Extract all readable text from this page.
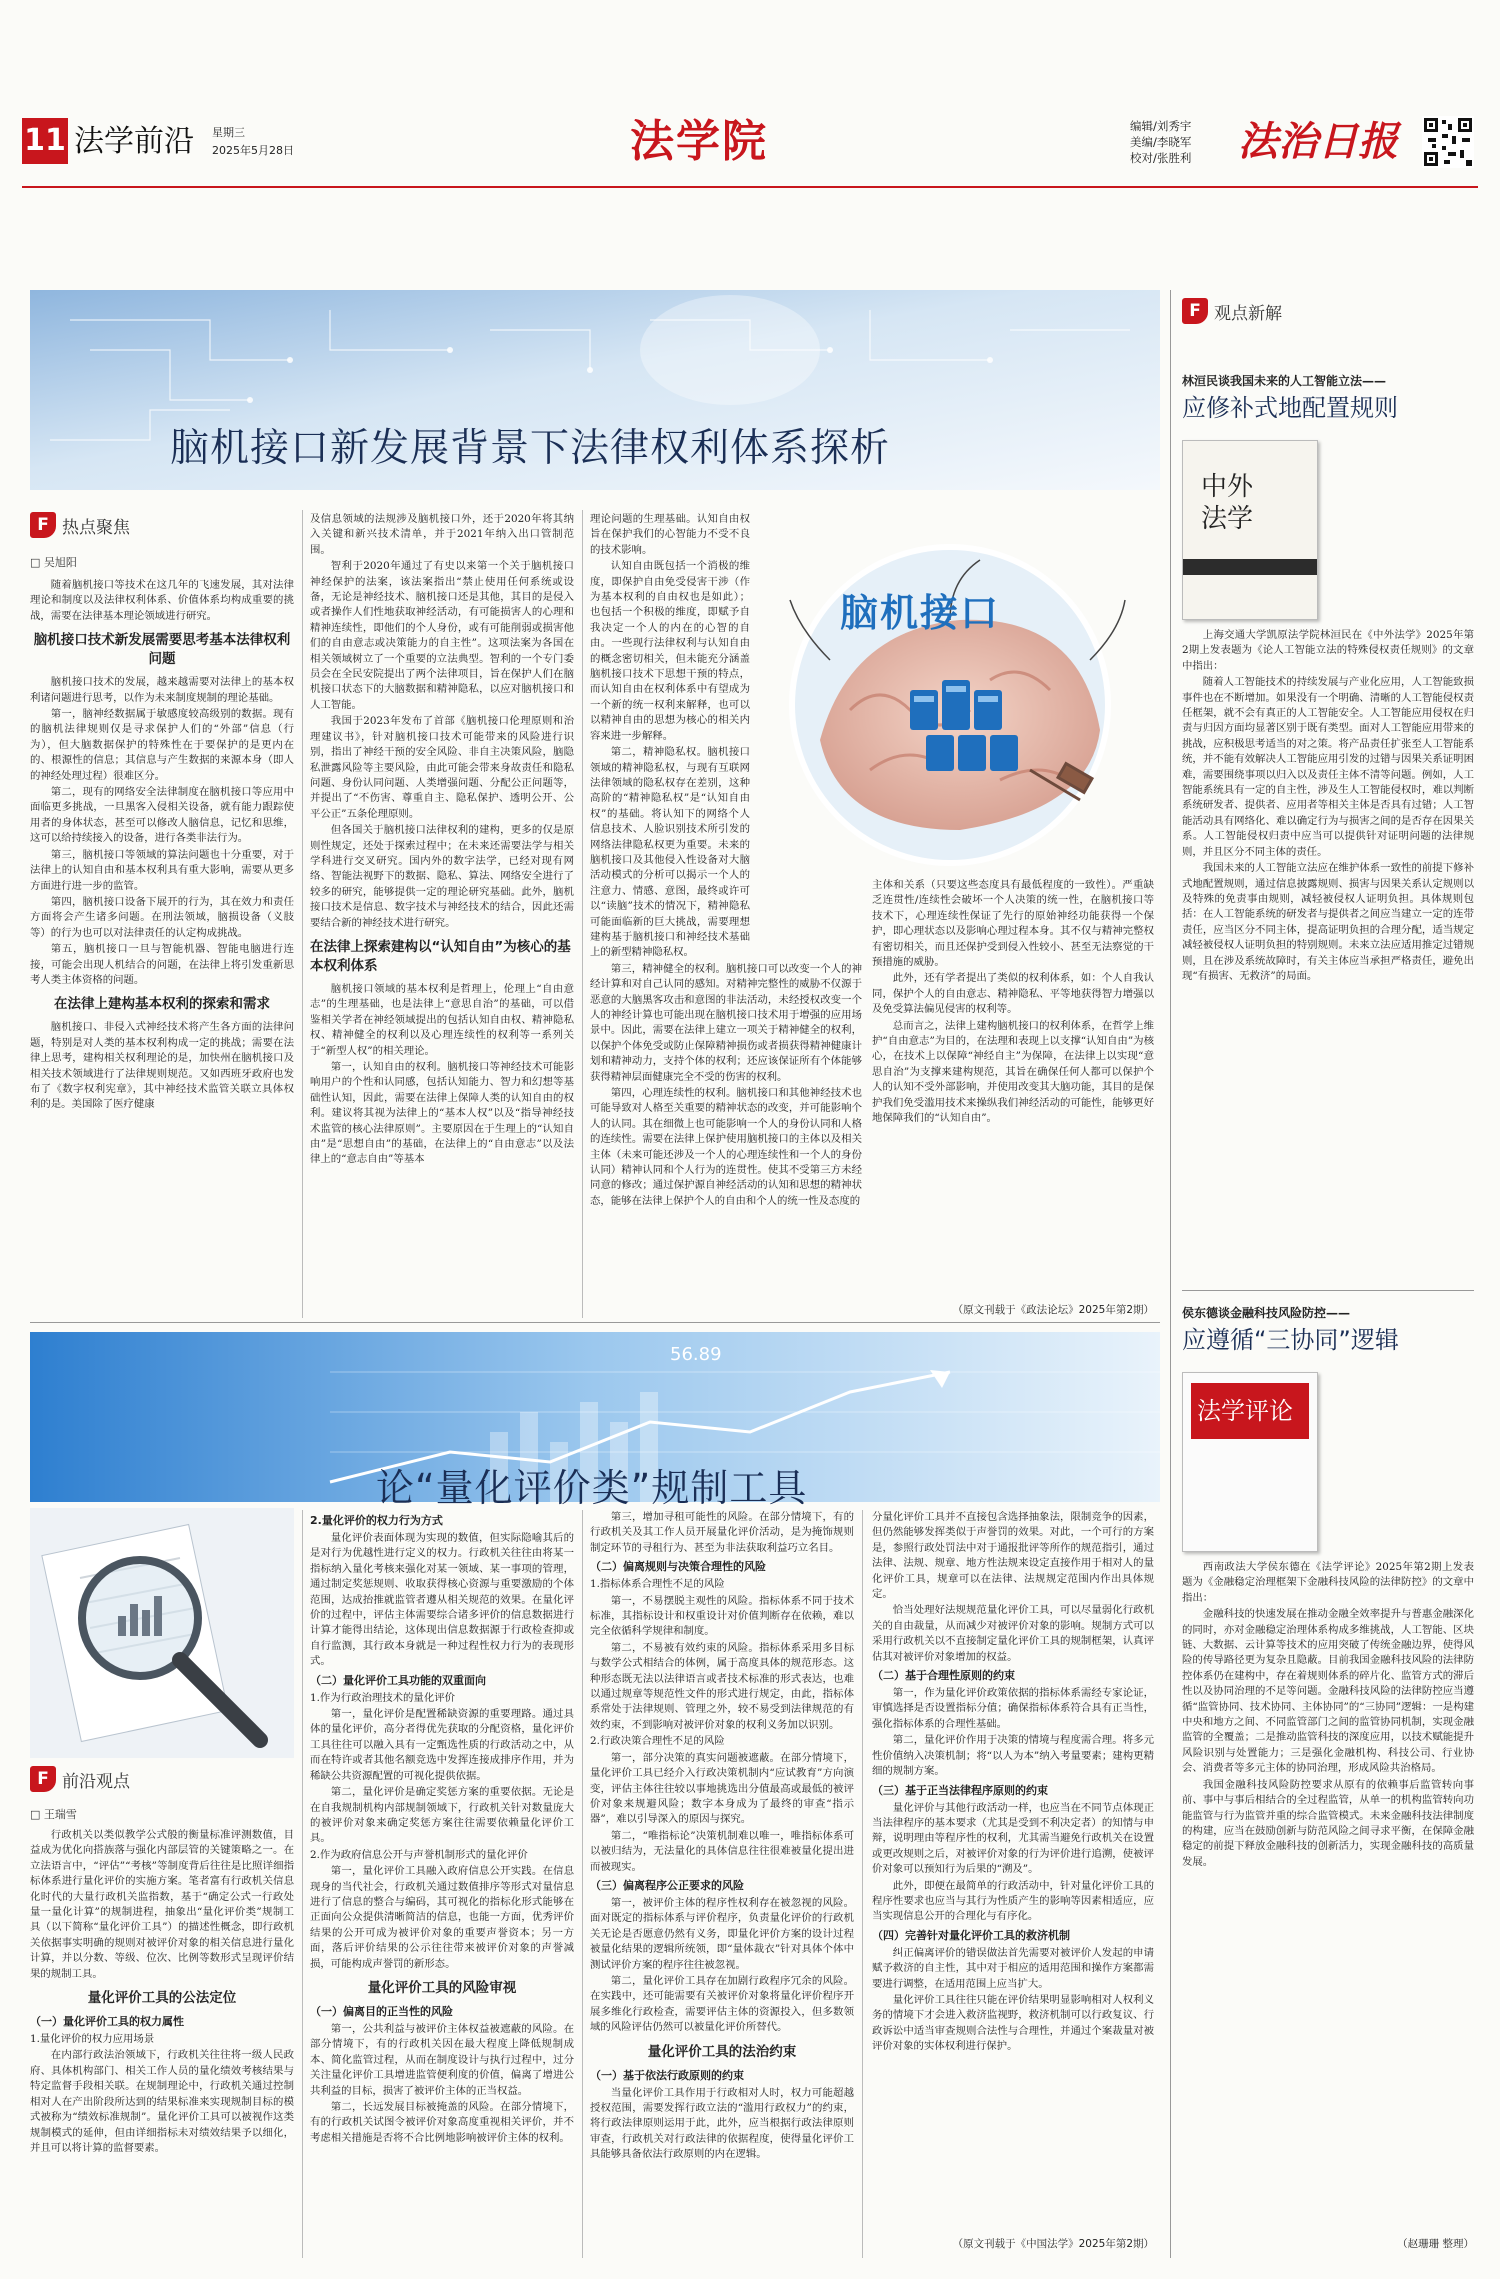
11 法学前沿 星期三
2025年5月28日	法学院	编辑/刘秀宇
美编/李晓军
校对/张胜利 法治日报
脑机接口新发展背景下法律权利体系探析
脑机接口
F 热点聚焦
□ 吴旭阳

随着脑机接口等技术在这几年的飞速发展，其对法律理论和制度以及法律权利体系、价值体系均构成重要的挑战，需要在法律基本理论领域进行研究。

脑机接口技术新发展需要思考基本法律权利问题

脑机接口技术的发展，越来越需要对法律上的基本权利诸问题进行思考，以作为未来制度规制的理论基础。

第一，脑神经数据属于敏感度较高级别的数据。现有的脑机法律规则仅是寻求保护人们的“外部”信息（行为），但大脑数据保护的特殊性在于要保护的是更内在的、根源性的信息；其信息与产生数据的来源本身（即人的神经处理过程）很难区分。

第二，现有的网络安全法律制度在脑机接口等应用中面临更多挑战，一旦黑客入侵相关设备，就有能力跟踪使用者的身体状态，甚至可以修改人脑信息，记忆和思维，这可以给持续接入的设备，进行各类非法行为。

第三，脑机接口等领域的算法问题也十分重要，对于法律上的认知自由和基本权利具有重大影响，需要从更多方面进行进一步的监管。

第四，脑机接口设备下展开的行为，其在效力和责任方面将会产生诸多问题。在刑法领域，脑损设备（义肢等）的行为也可以对法律责任的认定构成挑战。

第五，脑机接口一旦与智能机器、智能电脑进行连接，可能会出现人机结合的问题，在法律上将引发重新思考人类主体资格的问题。

在法律上建构基本权利的探索和需求

脑机接口、非侵入式神经技术将产生各方面的法律问题，特别是对人类的基本权利构成一定的挑战；需要在法律上思考，建构相关权利理论的是，加快州在脑机接口及相关技术领域进行了法律规则规范。又如西班牙政府也发布了《数字权利宪章》，其中神经技术监管关联立具体权利的是。美国除了医疗健康

及信息领域的法规涉及脑机接口外，还于2020年将其纳入关键和新兴技术清单，并于2021年纳入出口管制范围。

智利于2020年通过了有史以来第一个关于脑机接口神经保护的法案，该法案指出“禁止使用任何系统或设备，无论是神经技术、脑机接口还是其他，其目的是侵入或者操作人们性地获取神经活动，有可能损害人的心理和精神连续性，即他们的个人身份，或有可能削弱或损害他们的自由意志或决策能力的自主性”。这项法案为各国在相关领域树立了一个重要的立法典型。智利的一个专门委员会在全民安院提出了两个法律项目，旨在保护人们在脑机接口状态下的大脑数据和精神隐私，以应对脑机接口和人工智能。

我国于2023年发布了首部《脑机接口伦理原则和治理建议书》，针对脑机接口技术可能带来的风险进行识别，指出了神经干预的安全风险、非自主决策风险，脑隐私泄露风险等主要风险，由此可能会带来身故责任和隐私问题、身份认同问题、人类增强问题、分配公正问题等，并提出了“不伤害、尊重自主、隐私保护、透明公开、公平公正”五条伦理原则。

但各国关于脑机接口法律权利的建构，更多的仅是原则性规定，还处于探索过程中；在未来还需要法学与相关学科进行交叉研究。国内外的数字法学，已经对现有网络、智能法视野下的数据、隐私、算法、网络安全进行了较多的研究，能够提供一定的理论研究基础。此外，脑机接口技术是信息、数字技术与神经技术的结合，因此还需要结合新的神经技术进行研究。

在法律上探索建构以“认知自由”为核心的基本权利体系

脑机接口领域的基本权利是哲理上，伦理上“自由意志”的生理基础，也是法律上“意思自治”的基础，可以借鉴相关学者在神经领域提出的包括认知自由权、精神隐私权、精神健全的权利以及心理连续性的权利等一系列关于“新型人权”的相关理论。

第一，认知自由的权利。脑机接口等神经技术可能影响用户的个性和认同感，包括认知能力、智力和幻想等基础性认知，因此，需要在法律上保障人类的认知自由的权利。建议将其视为法律上的“基本人权”以及“指导神经技术监管的核心法律原则”。主要原因在于生理上的“认知自由”是“思想自由”的基础，在法律上的“自由意志”以及法律上的“意志自由”等基本

理论问题的生理基础。认知自由权旨在保护我们的心智能力不受不良的技术影响。

认知自由既包括一个消极的维度，即保护自由免受侵害干涉（作为基本权利的自由权也是如此）；也包括一个积极的维度，即赋予自我决定一个人的内在的心智的自由。一些现行法律权利与认知自由的概念密切相关，但未能充分涵盖脑机接口技术下思想干预的特点，而认知自由在权利体系中有望成为一个新的统一权利来解释，也可以以精神自由的思想为核心的相关内容来进一步解释。

第二，精神隐私权。脑机接口领域的精神隐私权，与现有互联网法律领域的隐私权存在差别，这种高阶的“精神隐私权”是“认知自由权”的基础。将认知下的网络个人信息技术、人脸识别技术所引发的网络法律隐私权更为重要。未来的脑机接口及其他侵入性设备对大脑活动模式的分析可以揭示一个人的注意力、情感、意图，最终或许可以“读脑”技术的情况下，精神隐私可能面临新的巨大挑战，需要理想建构基于脑机接口和神经技术基础上的新型精神隐私权。

第三，精神健全的权利。脑机接口可以改变一个人的神经计算和对自己认同的感知。对精神完整性的威胁不仅源于恶意的大脑黑客攻击和意图的非法活动，未经授权改变一个人的神经计算也可能出现在脑机接口技术用于增强的应用场景中。因此，需要在法律上建立一项关于精神健全的权利，以保护个体免受或防止保障精神损伤或者损获得精神健康计划和精神动力，支持个体的权利；还应该保证所有个体能够获得精神层面健康完全不受的伤害的权利。

第四，心理连续性的权利。脑机接口和其他神经技术也可能导致对人格至关重要的精神状态的改变，并可能影响个人的认同。其在细微上也可能影响一个人的身份认同和人格的连续性。需要在法律上保护使用脑机接口的主体以及相关主体（未来可能还涉及一个人的心理连续性和一个人的身份认同）精神认同和个人行为的连贯性。使其不受第三方未经同意的修改；通过保护源自神经活动的认知和思想的精神状态，能够在法律上保护个人的自由和个人的统一性及态度的

主体和关系（只要这些态度具有最低程度的一致性）。严重缺乏连贯性/连续性会破坏一个人决策的统一性，在脑机接口等技术下，心理连续性保证了先行的原始神经功能获得一个保护，即心理状态以及影响心理过程本身。其不仅与精神完整权有密切相关，而且还保护受到侵入性较小、甚至无法察觉的干预措施的威胁。

此外，还有学者提出了类似的权利体系，如：个人自我认同，保护个人的自由意志、精神隐私、平等地获得智力增强以及免受算法偏见侵害的权利等。

总而言之，法律上建构脑机接口的权利体系，在哲学上维护“自由意志”为目的，在法理和表现上以支撑“认知自由”为核心，在技术上以保障“神经自主”为保障，在法律上以实现“意思自治”为支撑来建构规范，其旨在确保任何人都可以保护个人的认知不受外部影响，并使用改变其大脑功能，其目的是保护我们免受滥用技术来操纵我们神经活动的可能性，能够更好地保障我们的“认知自由”。

（原文刊载于《政法论坛》2025年第2期）
56.89
论“量化评价类”规制工具
F 前沿观点
□ 王瑞雪

行政机关以类似教学公式般的衡量标准评测数值，目益成为优化向搭族落与强化内部层管的关键策略之一。在立法语言中，“评估”“考核”等制度背后往往是比照详细指标体系进行量化评价的实施方案。笔者富有行政机关信息化时代的大量行政机关监指数，基于“确定公式一行政处量一量化计算”的规制进程，抽象出“量化评价类”规制工具（以下简称“量化评价工具”）的描述性概念，即行政机关依据事实明确的规则对被评价对象的相关信息进行量化计算，并以分数、等级、位次、比例等数形式呈现评价结果的规制工具。

量化评价工具的公法定位

（一）量化评价工具的权力属性

1.量化评价的权力应用场景

在内部行政法治领域下，行政机关往往将一级人民政府、具体机构部门、相关工作人员的量化绩效考核结果与特定监督手段相关联。在规制理论中，行政机关通过控制相对人在产出阶段所达到的结果标准来实现规制目标的模式被称为“绩效标准规制”。量化评价工具可以被视作这类规制模式的延伸，但由详细指标未对绩效结果予以细化，并且可以将计算的监督要素。

2.量化评价的权力行为方式

量化评价表面体现为实现的数值，但实际隐喻其后的是对行为优越性进行定义的权力。行政机关往往由将某一指标纳入量化考核来强化对某一领域、某一事项的管理，通过制定奖惩规则、收取获得核心资源与重要激励的个体范围，达成抬推就监管者遵从相关规范的效果。在量化评价的过程中，评估主体需要综合诸多评价的信息数据进行计算才能得出结论，这体现出信息数据源于行政检查抑或自行监测，其行政本身就是一种过程性权力行为的表现形式。

（二）量化评价工具功能的双重面向

1.作为行政治理技术的量化评价

第一，量化评价是配置稀缺资源的重要理路。通过具体的量化评价，高分者得优先获取的分配资格，量化评价工具往往可以融入具有一定甄选性质的行政活动之中，从而在特许或者其他名额竞选中发挥连接成排序作用，并为稀缺公共资源配置的可视化提供依据。

第二，量化评价是确定奖惩方案的重要依据。无论是在自我规制机构内部规制领域下，行政机关针对数量庞大的被评价对象来确定奖惩方案往往需要依赖量化评价工具。

2.作为政府信息公开与声誉机制形式的量化评价

第一，量化评价工具融入政府信息公开实践。在信息现身的当代社会，行政机关通过数值排序等形式对量信息进行了信息的整合与编码，其可视化的指标化形式能够在正面向公众提供清晰简洁的信息，也能一方面，优秀评价结果的公开可成为被评价对象的重要声誉资本；另一方面，落后评价结果的公示往往带来被评价对象的声誉减损，可能构成声誉罚的新形态。

量化评价工具的风险审视

（一）偏离目的正当性的风险

第一，公共利益与被评价主体权益被遮蔽的风险。在部分情境下，有的行政机关因在最大程度上降低规制成本、简化监管过程，从而在制度设计与执行过程中，过分关注量化评价工具增进监管便利度的价值，偏离了增进公共利益的目标，损害了被评价主体的正当权益。

第二，长远发展目标被掩盖的风险。在部分情境下，有的行政机关试图令被评价对象高度重视相关评价，并不考虑相关措施是否将不合比例地影响被评价主体的权利。

第三，增加寻租可能性的风险。在部分情境下，有的行政机关及其工作人员开展量化评价活动，是为掩饰规则制定环节的寻租行为、甚至为非法获取利益巧立名目。

（二）偏离规则与决策合理性的风险

1.指标体系合理性不足的风险

第一，不易摆脱主观性的风险。指标体系不同于技术标准，其指标设计和权重设计对价值判断存在依赖，难以完全依循科学规律和制度。

第二，不易被有效约束的风险。指标体系采用多目标与数学公式相结合的体例，属于高度具体的规范形态。这种形态既无法以法律语言或者技术标准的形式表达，也难以通过规章等规范性文件的形式进行规定，由此，指标体系常处于法律规则、管理之外，较不易受到法律规范的有效约束，不到影响对被评价对象的权利义务加以识别。

2.行政决策合理性不足的风险

第一，部分决策的真实问题被遮蔽。在部分情境下，量化评价工具已经介入行政决策机制内“应试教育”方向演变，评估主体往往较以事地挑选出分值最高或最低的被评价对象来规避风险；数字本身成为了最终的审查“指示器”，难以引导深入的原因与探究。

第二，“唯指标论”决策机制难以唯一，唯指标体系可以被归结为，无法量化的具体信息往往很难被量化提出进而被现实。

（三）偏离程序公正要求的风险

第一，被评价主体的程序性权利存在被忽视的风险。面对既定的指标体系与评价程序，负责量化评价的行政机关无论是否愿意仍然有义务，即量化评价方案的设计过程被量化结果的逻辑所统领，即“量体裁衣”针对具体个体中测试评价方案的程序往往被忽视。

第二，量化评价工具存在加剧行政程序冗余的风险。在实践中，还可能需要有关被评价对象将量化评价程序开展多维化行政检查，需要评估主体的资源投入，但多数领域的风险评估仍然可以被量化评价所替代。

量化评价工具的法治约束

（一）基于依法行政原则的约束

当量化评价工具作用于行政相对人时，权力可能超越授权范围，需要发挥行政立法的“滥用行政权力”的约束，将行政法律原则运用于此，此外，应当根据行政法律原则审查，行政机关对行政法律的依据程度，使得量化评价工具能够具备依法行政原则的内在逻辑。

分量化评价工具并不直接包含选择抽象法，限制竞争的因素，但仍然能够发挥类似于声誉罚的效果。对此，一个可行的方案是，参照行政处罚法中对于通报批评等所作的规范指引，通过法律、法规、规章、地方性法规来设定直接作用于相对人的量化评价工具，规章可以在法律、法规规定范围内作出具体规定。

恰当处理好法规规范量化评价工具，可以尽量弱化行政机关的自由裁量，从而减少对被评价对象的影响。规制方式可以采用行政机关以不直接制定量化评价工具的规制框架，认真评估其对被评价对象增加的权益。

（二）基于合理性原则的约束

第一，作为量化评价政策依据的指标体系需经专家论证，审慎选择是否设置指标分值；确保指标体系符合具有正当性，强化指标体系的合理性基础。

第二，量化评价作用于决策的情境与程度需合理。将多元性价值纳入决策机制；将“以人为本”纳入考量要素；建构更精细的规制方案。

（三）基于正当法律程序原则的约束

量化评价与其他行政活动一样，也应当在不同节点体现正当法律程序的基本要求（尤其是受到不利决定者）的知情与申辩，说明理由等程序性的权利，尤其需当避免行政机关在设置或更改规则之后，对被评价对象的行为评价进行追溯，使被评价对象可以预知行为后果的“溯及”。

此外，即便在最简单的行政活动中，针对量化评价工具的程序性要求也应当与其行为性质产生的影响等因素相适应，应当实现信息公开的合理化与有序化。

（四）完善针对量化评价工具的救济机制

纠正偏离评价的错误做法首先需要对被评价人发起的申请赋予救济的自主性，其中对于相应的适用范围和操作方案都需要进行调整，在适用范围上应当扩大。

量化评价工具往往只能在评价结果明显影响相对人权利义务的情境下才会进入救济监视野，救济机制可以行政复议、行政诉讼中适当审查规则合法性与合理性，并通过个案裁量对被评价对象的实体权利进行保护。

（原文刊载于《中国法学》2025年第2期）
F 观点新解
林洹民谈我国未来的人工智能立法——
应修补式地配置规则
中外法学

上海交通大学凯原法学院林洹民在《中外法学》2025年第2期上发表题为《论人工智能立法的特殊侵权责任规则》的文章中指出：

随着人工智能技术的持续发展与产业化应用，人工智能致损事件也在不断增加。如果没有一个明确、清晰的人工智能侵权责任框架，就不会有真正的人工智能安全。人工智能应用侵权在归责与归因方面均显著区别于既有类型。面对人工智能应用带来的挑战，应积极思考适当的对之策。将产品责任扩张至人工智能系统，并不能有效解决人工智能应用引发的过错与因果关系证明困难，需要围绕事项以归入以及责任主体不清等问题。例如，人工智能系统具有一定的自主性，涉及生人工智能侵权时，难以判断系统研发者、提供者、应用者等相关主体是否具有过错；人工智能活动具有网络化、难以确定行为与损害之间的是否存在因果关系。人工智能侵权归责中应当可以提供针对证明问题的法律规则，并且区分不同主体的责任。

我国未来的人工智能立法应在维护体系一致性的前提下修补式地配置规则，通过信息披露规则、损害与因果关系认定规则以及特殊的免责事由规则，减轻被侵权人证明负担。具体规则包括：在人工智能系统的研发者与提供者之间应当建立一定的连带责任，应当区分不同主体，提高证明负担的合理分配，适当规定减轻被侵权人证明负担的特别规则。未来立法应适用推定过错规则，且在涉及系统故障时，有关主体应当承担严格责任，避免出现“有损害、无救济”的局面。

侯东德谈金融科技风险防控——
应遵循“三协同”逻辑
法学评论

西南政法大学侯东德在《法学评论》2025年第2期上发表题为《金融稳定治理框架下金融科技风险的法律防控》的文章中指出：

金融科技的快速发展在推动金融全效率提升与普惠金融深化的同时，亦对金融稳定治理体系构成多维挑战，人工智能、区块链、大数据、云计算等技术的应用突破了传统金融边界，使得风险的传导路径更为复杂且隐蔽。目前我国金融科技风险的法律防控体系仍在建构中，存在着规则体系的碎片化、监管方式的滞后性以及协同治理的不足等问题。金融科技风险的法律防控应当遵循“监管协同、技术协同、主体协同”的“三协同”逻辑：一是构建中央和地方之间、不同监管部门之间的监管协同机制，实现金融监管的全覆盖；二是推动监管科技的深度应用，以技术赋能提升风险识别与处置能力；三是强化金融机构、科技公司、行业协会、消费者等多元主体的协同治理，形成风险共治格局。

我国金融科技风险防控要求从原有的依赖事后监管转向事前、事中与事后相结合的全过程监管，从单一的机构监管转向功能监管与行为监管并重的综合监管模式。未来金融科技法律制度的构建，应当在鼓励创新与防范风险之间寻求平衡，在保障金融稳定的前提下释放金融科技的创新活力，实现金融科技的高质量发展。

（赵珊珊 整理）
